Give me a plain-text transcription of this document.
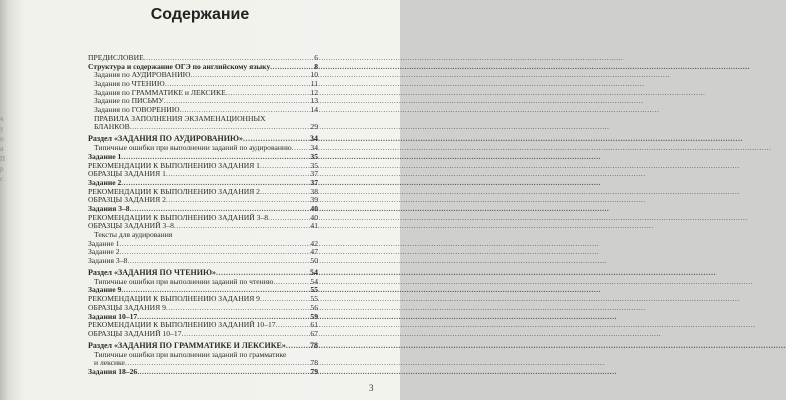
ч
у
о
я
П
р
с
Содержание
ПРЕДИСЛОВИЕ .....	6
Структура и содержание ОГЭ по английскому языку .....	8
Задания по АУДИРОВАНИЮ .....	10
Задания по ЧТЕНИЮ .....	11
Задания по ГРАММАТИКЕ и ЛЕКСИКЕ .....	12
Задание по ПИСЬМУ .....	13
Задания по ГОВОРЕНИЮ .....	14
ПРАВИЛА ЗАПОЛНЕНИЯ ЭКЗАМЕНАЦИОННЫХ
БЛАНКОВ .....	29
Раздел «ЗАДАНИЯ ПО АУДИРОВАНИЮ» .....	34
Типичные ошибки при выполнении заданий по аудированию .....	34
Задание 1 .....	35
РЕКОМЕНДАЦИИ К ВЫПОЛНЕНИЮ ЗАДАНИЯ 1 .....	35
ОБРАЗЦЫ ЗАДАНИЯ 1 .....	37
Задание 2 .....	37
РЕКОМЕНДАЦИИ К ВЫПОЛНЕНИЮ ЗАДАНИЯ 2 .....	38
ОБРАЗЦЫ ЗАДАНИЯ 2 .....	39
Задания 3–8 .....	40
РЕКОМЕНДАЦИИ К ВЫПОЛНЕНИЮ ЗАДАНИЙ 3–8 .....	40
ОБРАЗЦЫ ЗАДАНИЙ 3–8 .....	41
Тексты для аудирования
Задание 1 .....	42
Задание 2 .....	47
Задания 3–8 .....	50
Раздел «ЗАДАНИЯ ПО ЧТЕНИЮ» .....	54
Типичные ошибки при выполнении заданий по чтению .....	54
Задание 9 .....	55
РЕКОМЕНДАЦИИ К ВЫПОЛНЕНИЮ ЗАДАНИЯ 9 .....	55
ОБРАЗЦЫ ЗАДАНИЯ 9 .....	56
Задания 10–17 .....	59
РЕКОМЕНДАЦИИ К ВЫПОЛНЕНИЮ ЗАДАНИЙ 10–17 .....	61
ОБРАЗЦЫ ЗАДАНИЙ 10–17 .....	67
Раздел «ЗАДАНИЯ ПО ГРАММАТИКЕ И ЛЕКСИКЕ» .....	78
Типичные ошибки при выполнении заданий по грамматике
и лексике .....	78
Задания 18–26 .....	79
3
